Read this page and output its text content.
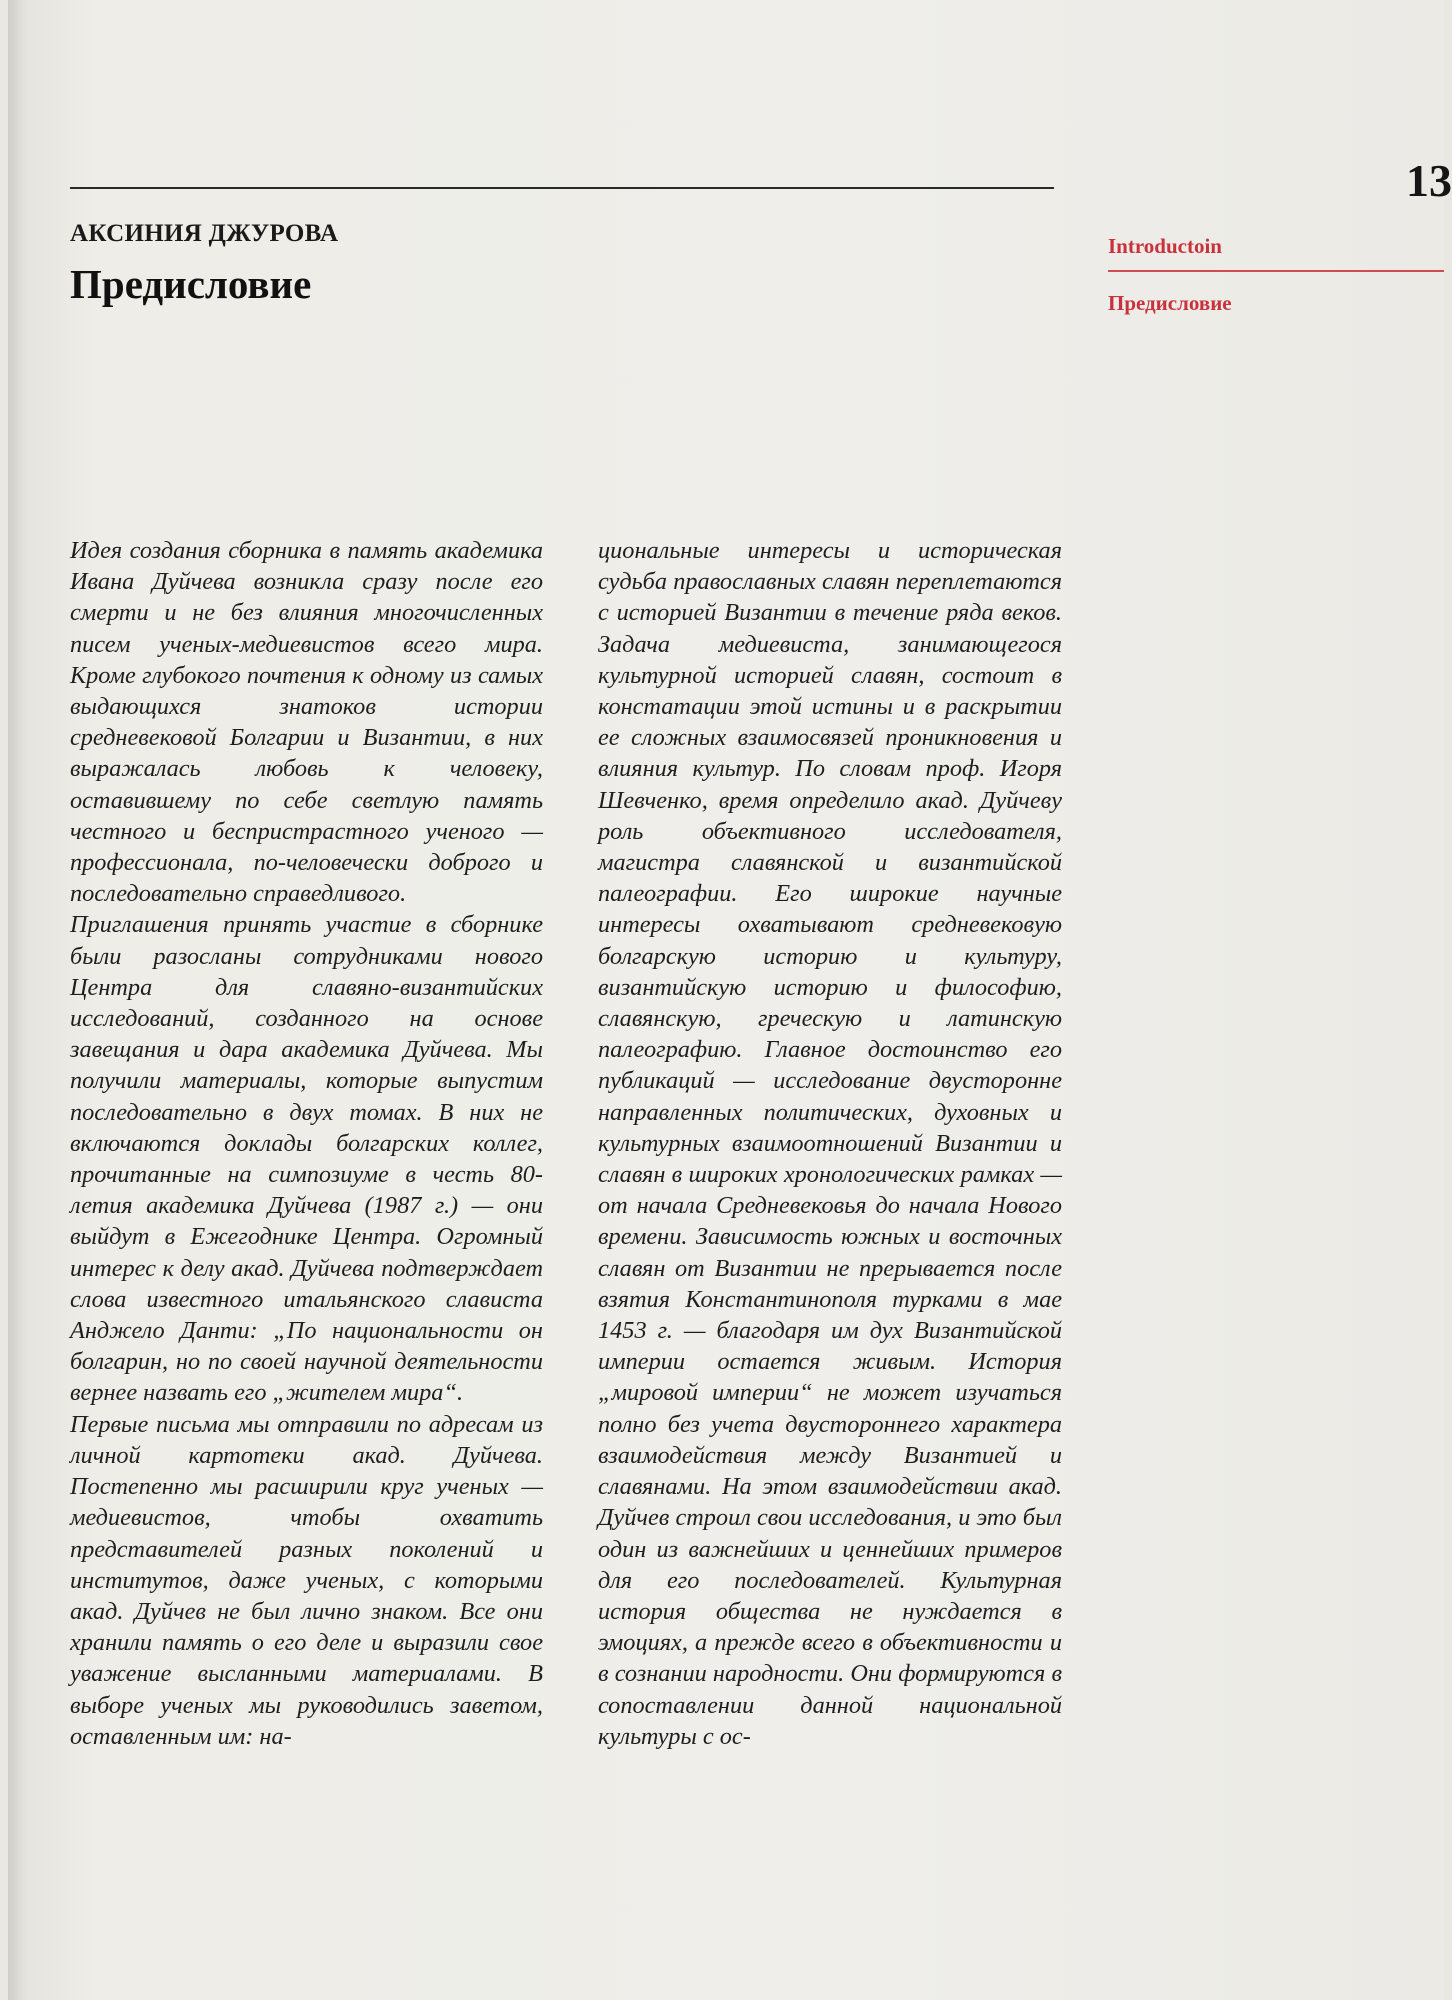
13
АКСИНИЯ ДЖУРОВА
Предисловие
Introductoin
Предисловие

Идея создания сборника в память академика Ивана Дуйчева возникла сразу после его смерти и не без влияния многочисленных писем ученых-медиевистов всего мира. Кроме глубокого почтения к одному из самых выдающихся знатоков истории средневековой Болгарии и Византии, в них выражалась любовь к человеку, оставившему по себе светлую память честного и беспристрастного ученого — профессионала, по-человечески доброго и последовательно справедливого.

Приглашения принять участие в сборнике были разосланы сотрудниками нового Центра для славяно-византийских исследований, созданного на основе завещания и дара академика Дуйчева. Мы получили материалы, которые выпустим последовательно в двух томах. В них не включаются доклады болгарских коллег, прочитанные на симпозиуме в честь 80-летия академика Дуйчева (1987 г.) — они выйдут в Ежегоднике Центра. Огромный интерес к делу акад. Дуйчева подтверждает слова известного итальянского слависта Анджело Данти: „По национальности он болгарин, но по своей научной деятельности вернее назвать его „жителем мира“.

Первые письма мы отправили по адресам из личной картотеки акад. Дуйчева. Постепенно мы расширили круг ученых — медиевистов, чтобы охватить представителей разных поколений и институтов, даже ученых, с которыми акад. Дуйчев не был лично знаком. Все они хранили память о его деле и выразили свое уважение высланными материалами. В выборе ученых мы руководились заветом, оставленным им: на-

циональные интересы и историческая судьба православных славян переплетаются с историей Византии в течение ряда веков. Задача медиевиста, занимающегося культурной историей славян, состоит в констатации этой истины и в раскрытии ее сложных взаимосвязей проникновения и влияния культур. По словам проф. Игоря Шевченко, время определило акад. Дуйчеву роль объективного исследователя, магистра славянской и византийской палеографии. Его широкие научные интересы охватывают средневековую болгарскую историю и культуру, византийскую историю и философию, славянскую, греческую и латинскую палеографию. Главное достоинство его публикаций — исследование двусторонне направленных политических, духовных и культурных взаимоотношений Византии и славян в широких хронологических рамках — от начала Средневековья до начала Нового времени. Зависимость южных и восточных славян от Византии не прерывается после взятия Константинополя турками в мае 1453 г. — благодаря им дух Византийской империи остается живым. История „мировой империи“ не может изучаться полно без учета двустороннего характера взаимодействия между Византией и славянами. На этом взаимодействии акад. Дуйчев строил свои исследования, и это был один из важнейших и ценнейших примеров для его последователей. Культурная история общества не нуждается в эмоциях, а прежде всего в объективности и в сознании народности. Они формируются в сопоставлении данной национальной культуры с ос-
